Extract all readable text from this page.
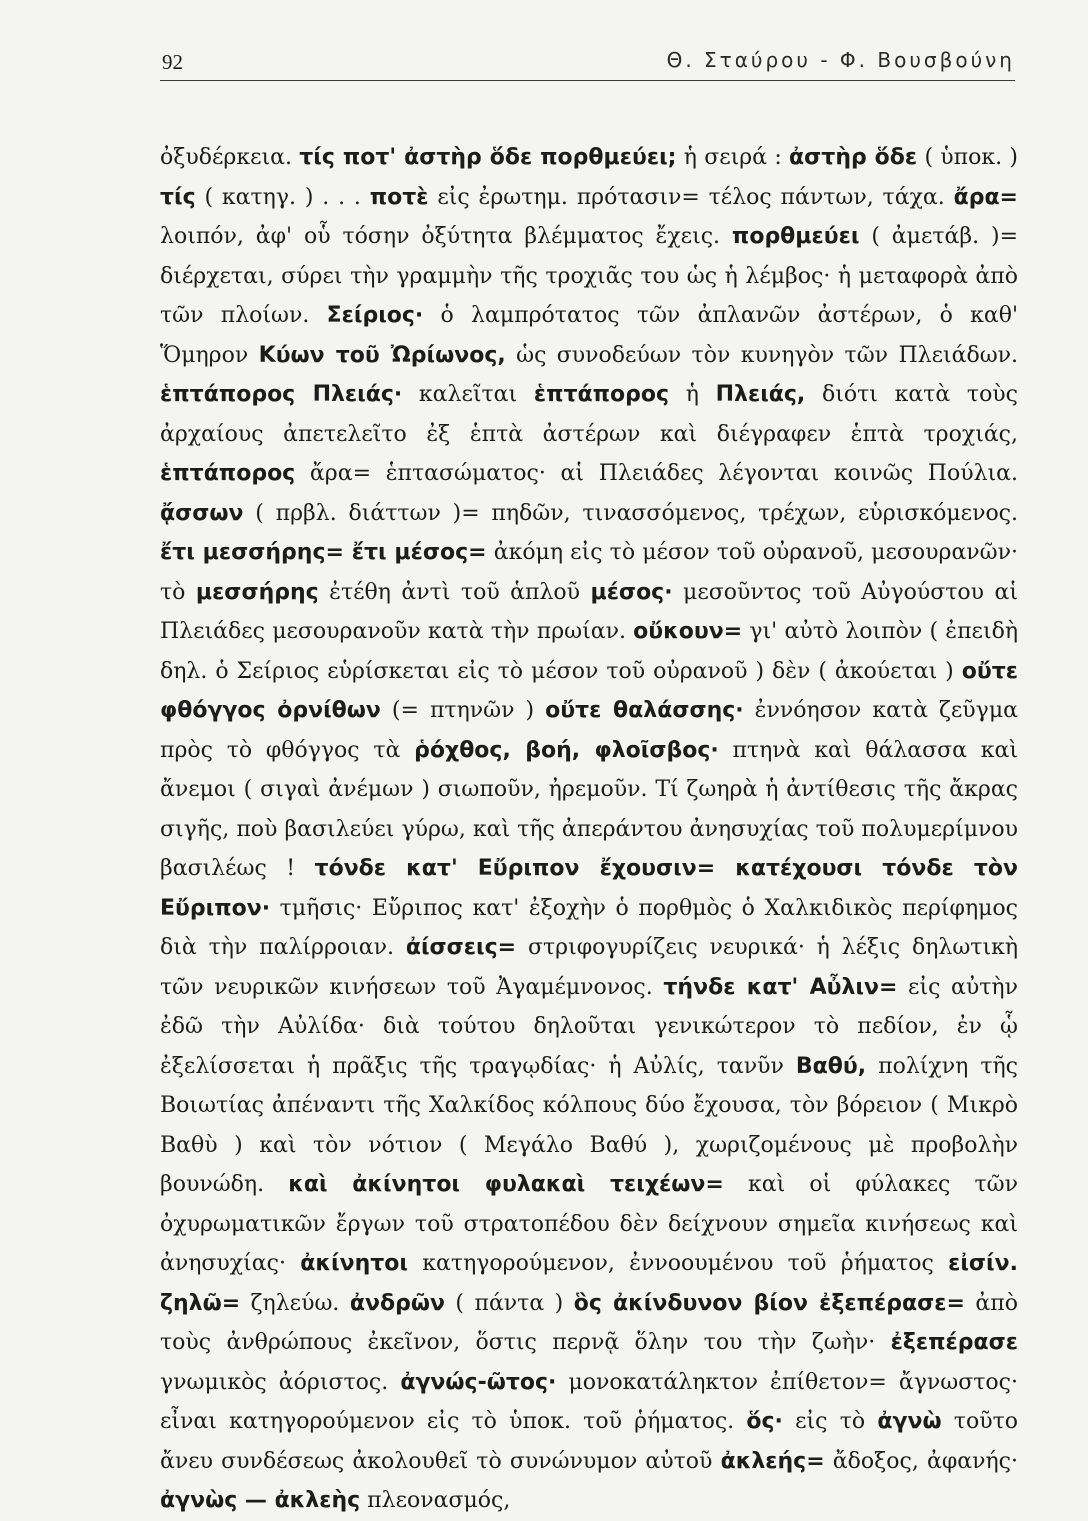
92	Θ. Σταύρου - Φ. Βουσβούνη

ὀξυδέρκεια. τίς ποτ' ἀστὴρ ὅδε πορθμεύει; ἡ σειρά : ἀστὴρ ὅδε ( ὑποκ. ) τίς ( κατηγ. ) . . . ποτὲ εἰς ἐρωτημ. πρότασιν= τέλος πάντων, τάχα. ἄρα= λοιπόν, ἀφ' οὗ τόσην ὀξύτητα βλέμματος ἔχεις. πορθμεύει ( ἀμετάβ. )= διέρχεται, σύρει τὴν γραμμὴν τῆς τροχιᾶς του ὡς ἡ λέμβος· ἡ μεταφορὰ ἀπὸ τῶν πλοίων. Σείριος· ὁ λαμπρότατος τῶν ἀπλανῶν ἀστέρων, ὁ καθ' Ὅμηρον Κύων τοῦ Ὠρίωνος, ὡς συνοδεύων τὸν κυνηγὸν τῶν Πλειάδων. ἑπτάπορος Πλειάς· καλεῖται ἑπτάπορος ἡ Πλειάς, διότι κατὰ τοὺς ἀρχαίους ἀπετελεῖτο ἐξ ἑπτὰ ἀστέρων καὶ διέγραφεν ἑπτὰ τροχιάς, ἑπτάπορος ἄρα= ἑπτασώματος· αἱ Πλειάδες λέγονται κοινῶς Πούλια. ᾄσσων ( πρβλ. διάττων )= πηδῶν, τινασσόμενος, τρέχων, εὑρισκόμενος. ἔτι μεσσήρης= ἔτι μέσος= ἀκόμη εἰς τὸ μέσον τοῦ οὐρανοῦ, μεσουρανῶν· τὸ μεσσήρης ἐτέθη ἀντὶ τοῦ ἁπλοῦ μέσος· μεσοῦντος τοῦ Αὐγούστου αἱ Πλειάδες μεσουρανοῦν κατὰ τὴν πρωίαν. οὔκουν= γι' αὐτὸ λοιπὸν ( ἐπειδὴ δηλ. ὁ Σείριος εὑρίσκεται εἰς τὸ μέσον τοῦ οὐρανοῦ ) δὲν ( ἀκούεται ) οὔτε φθόγγος ὀρνίθων (= πτηνῶν ) οὔτε θαλάσσης· ἐννόησον κατὰ ζεῦγμα πρὸς τὸ φθόγγος τὰ ῥόχθος, βοή, φλοῖσβος· πτηνὰ καὶ θάλασσα καὶ ἄνεμοι ( σιγαὶ ἀνέμων ) σιωποῦν, ἠρεμοῦν. Τί ζωηρὰ ἡ ἀντίθεσις τῆς ἄκρας σιγῆς, ποὺ βασιλεύει γύρω, καὶ τῆς ἀπεράντου ἀνησυχίας τοῦ πολυμερίμνου βασιλέως ! τόνδε κατ' Εὔριπον ἔχουσιν= κατέχουσι τόνδε τὸν Εὔριπον· τμῆσις· Εὔριπος κατ' ἐξοχὴν ὁ πορθμὸς ὁ Χαλκιδικὸς περίφημος διὰ τὴν παλίρροιαν. ἀίσσεις= στριφογυρίζεις νευρικά· ἡ λέξις δηλωτικὴ τῶν νευρικῶν κινήσεων τοῦ Ἀγαμέμνονος. τήνδε κατ' Αὖλιν= εἰς αὐτὴν ἐδῶ τὴν Αὐλίδα· διὰ τούτου δηλοῦται γενικώτερον τὸ πεδίον, ἐν ᾧ ἐξελίσσεται ἡ πρᾶξις τῆς τραγῳδίας· ἡ Αὐλίς, τανῦν Βαθύ, πολίχνη τῆς Βοιωτίας ἀπέναντι τῆς Χαλκίδος κόλπους δύο ἔχουσα, τὸν βόρειον ( Μικρὸ Βαθὺ ) καὶ τὸν νότιον ( Μεγάλο Βαθύ ), χωριζομένους μὲ προβολὴν βουνώδη. καὶ ἀκίνητοι φυλακαὶ τειχέων= καὶ οἱ φύλακες τῶν ὀχυρωματικῶν ἔργων τοῦ στρατοπέδου δὲν δείχνουν σημεῖα κινήσεως καὶ ἀνησυχίας· ἀκίνητοι κατηγορούμενον, ἐννοουμένου τοῦ ῥήματος εἰσίν. ζηλῶ= ζηλεύω. ἀνδρῶν ( πάντα ) ὃς ἀκίνδυνον βίον ἐξεπέρασε= ἀπὸ τοὺς ἀνθρώπους ἐκεῖνον, ὅστις περνᾷ ὅλην του τὴν ζωὴν· ἐξεπέρασε γνωμικὸς ἀόριστος. ἀγνώς-ῶτος· μονοκατάληκτον ἐπίθετον= ἄγνωστος· εἶναι κατηγορούμενον εἰς τὸ ὑποκ. τοῦ ῥήματος. ὅς· εἰς τὸ ἀγνὼ τοῦτο ἄνευ συνδέσεως ἀκολουθεῖ τὸ συνώνυμον αὐτοῦ ἀκλεής= ἄδοξος, ἀφανής· ἀγνὼς — ἀκλεὴς πλεονασμός,
